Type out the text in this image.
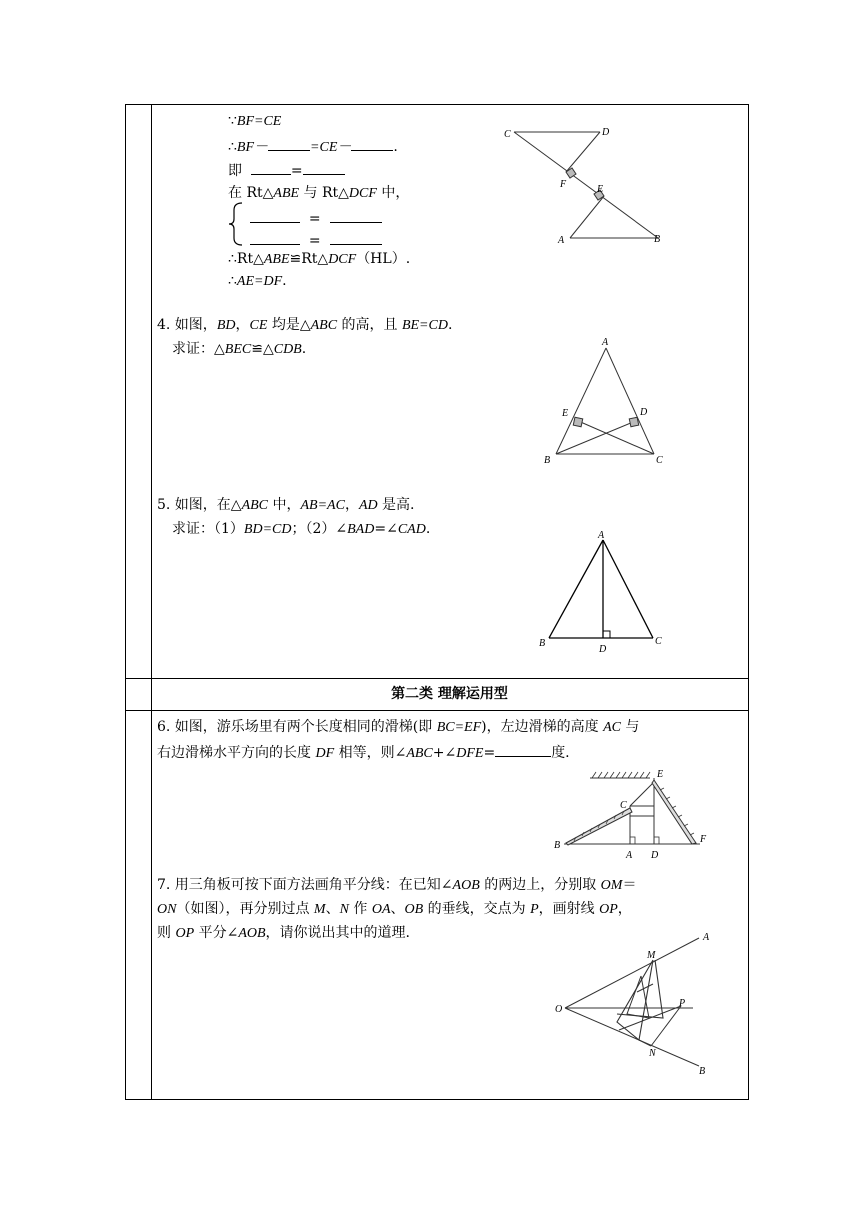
第二类 理解运用型
∵BF=CE
∴BF－	=CE－	.
即	=
在 Rt△ABE 与 Rt△DCF 中，
=
=
∴Rt△ABE≌Rt△DCF（HL）.
∴AE=DF.
C	D
F	E
A	B
4. 如图，BD，CE 均是△ABC 的高，且 BE=CD.
求证：△BEC≌△CDB.	A
E	D
B	C
5. 如图，在△ABC 中，AB=AC，AD 是高.
求证：（1）BD=CD；（2）∠BAD=∠CAD.	A
B
D
C
6. 如图，游乐场里有两个长度相同的滑梯(即 BC=EF)，左边滑梯的高度 AC 与
右边滑梯水平方向的长度 DF 相等，则∠ABC+∠DFE=	度.
E
C
B
F
A D
7. 用三角板可按下面方法画角平分线：在已知∠AOB 的两边上，分别取 OM＝
ON（如图），再分别过点 M、N 作 OA、OB 的垂线，交点为 P，画射线 OP，
则 OP 平分∠AOB，请你说出其中的道理.	A
M
O
P
N
B
